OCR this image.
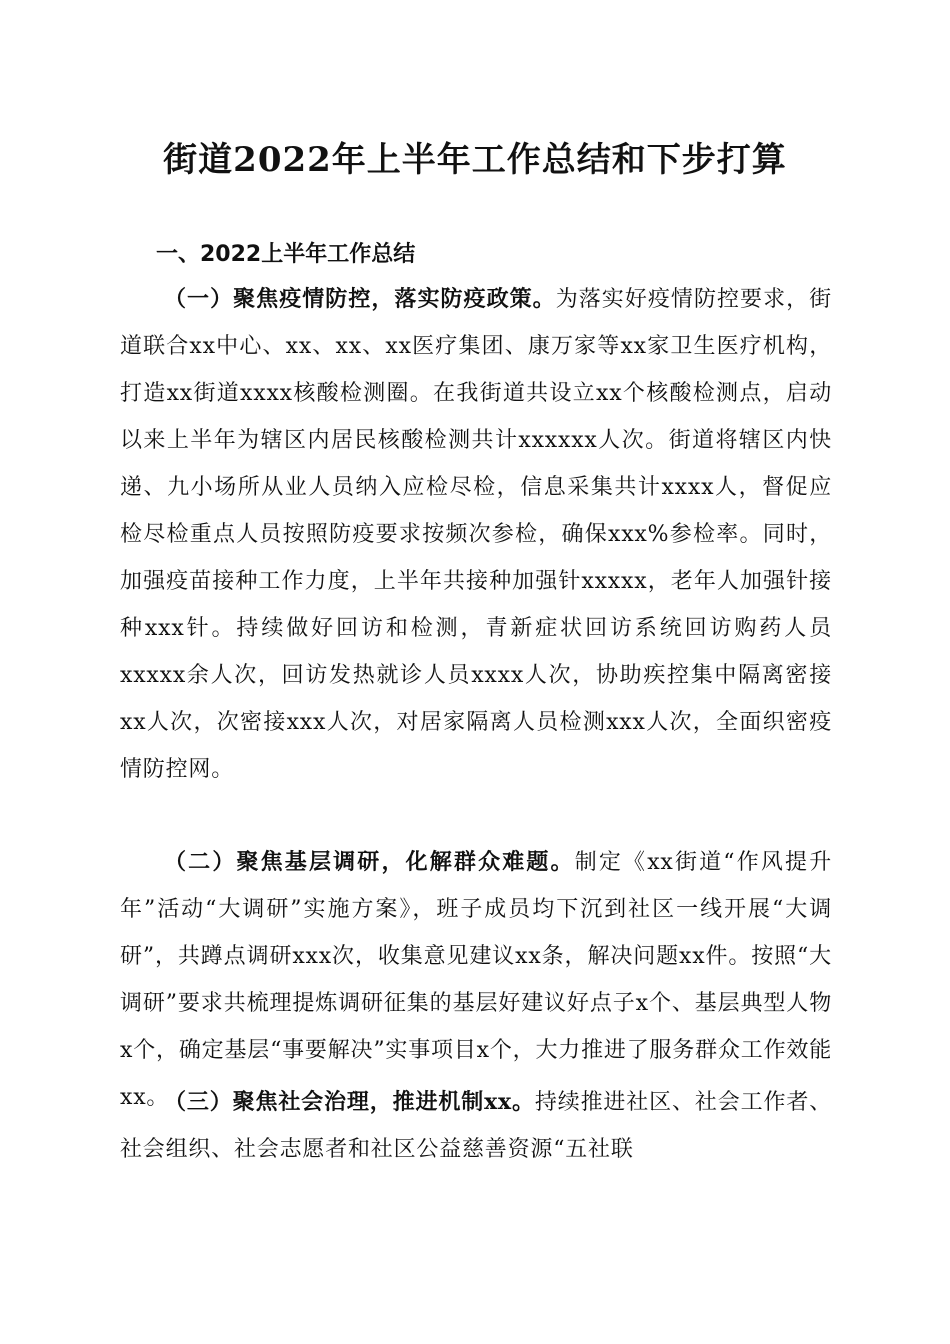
街道2022年上半年工作总结和下步打算
一、2022上半年工作总结

（一）聚焦疫情防控，落实防疫政策。为落实好疫情防控要求，街道联合xx中心、xx、xx、xx医疗集团、康万家等xx家卫生医疗机构，打造xx街道xxxx核酸检测圈。在我街道共设立xx个核酸检测点，启动以来上半年为辖区内居民核酸检测共计xxxxxx人次。街道将辖区内快递、九小场所从业人员纳入应检尽检，信息采集共计xxxx人，督促应检尽检重点人员按照防疫要求按频次参检，确保xxx%参检率。同时，加强疫苗接种工作力度，上半年共接种加强针xxxxx，老年人加强针接种xxx针。持续做好回访和检测，青新症状回访系统回访购药人员xxxxx余人次，回访发热就诊人员xxxx人次，协助疾控集中隔离密接xx人次，次密接xxx人次，对居家隔离人员检测xxx人次，全面织密疫情防控网。

（二）聚焦基层调研，化解群众难题。制定《xx街道“作风提升年”活动“大调研”实施方案》，班子成员均下沉到社区一线开展“大调研”，共蹲点调研xxx次，收集意见建议xx条，解决问题xx件。按照“大调研”要求共梳理提炼调研征集的基层好建议好点子x个、基层典型人物x个，确定基层“事要解决”实事项目x个，大力推进了服务群众工作效能xx。

（三）聚焦社会治理，推进机制xx。持续推进社区、社会工作者、社会组织、社会志愿者和社区公益慈善资源“五社联
